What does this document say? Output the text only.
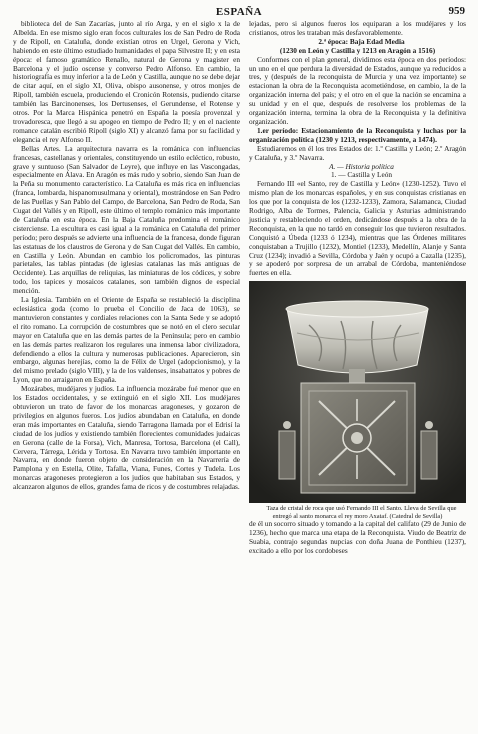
ESPAÑA	959

biblioteca del de San Zacarías, junto al río Arga, y en el siglo x la de Albelda. En ese mismo siglo eran focos culturales los de San Pedro de Roda y de Ripoll, en Cataluña, donde existían otros en Urgel, Gerona y Vich, habiendo en este último estudiado humanidades el papa Silvestre II; y en esta época: el famoso gramático Renallo, natural de Gerona y magister en Barcelona y el judío oscense y converso Pedro Alfonso. En cambio, la historiografía es muy inferior a la de León y Castilla, aunque no se debe dejar de citar aquí, en el siglo XI, Oliva, obispo ausonense, y otros monjes de Ripoll, también escuela, produciendo el Cronicón Rotensis, pudiendo citarse también las Barcinonenses, los Dertusenses, el Gerundense, el Rotense y otros. Por la Marca Hispánica penetró en España la poesía provenzal y trovadoresca, que llegó a su apogeo en tiempo de Pedro II; y en el naciente romance catalán escribió Ripoll (siglo XI) y alcanzó fama por su facilidad y elegancia el rey Alfonso II.

Bellas Artes. La arquitectura navarra es la románica con influencias francesas, castellanas y orientales, constituyendo un estilo ecléctico, robusto, grave y suntuoso (San Salvador de Leyre), que influye en las Vascongadas, especialmente en Álava. En Aragón es más rudo y sobrio, siendo San Juan de la Peña su monumento característico. La Cataluña es más rica en influencias (franca, lombarda, hispanomusulmana y oriental), mostrándose en San Pedro de las Puellas y San Pablo del Campo, de Barcelona, San Pedro de Roda, San Cugat del Vallés y en Ripoll, este último el templo románico más importante de Cataluña en esta época. En la Baja Cataluña predomina el románico cisterciense. La escultura es casi igual a la románica en Cataluña del primer período; pero después se advierte una influencia de la francesa, donde figuran las estatuas de los claustros de Gerona y de San Cugat del Vallés. En cambio, en Castilla y León. Abundan en cambio los policromados, las pinturas parietales, las tablas pintadas (de iglesias catalanas las más antiguas de Occidente). Las arquillas de reliquias, las miniaturas de los códices, y sobre todo, los tapices y mosaicos catalanes, son también dignos de especial mención.

La Iglesia. También en el Oriente de España se restableció la disciplina eclesiástica goda (como lo prueba el Concilio de Jaca de 1063), se mantuvieron constantes y cordiales relaciones con la Santa Sede y se adoptó el rito romano. La corrupción de costumbres que se notó en el clero secular mayor en Cataluña que en las demás partes de la Península; pero en cambio en las demás partes realizaron los regulares una inmensa labor civilizadora, defendiendo a ellos la cultura y numerosas publicaciones. Aparecieron, sin embargo, algunas herejías, como la de Félix de Urgel (adopcionismo), y la del mismo prelado (siglo VIII), y la de los valdenses, insabattatos y pobres de Lyon, que no arraigaron en España.

Mozárabes, mudéjares y judíos. La influencia mozárabe fué menor que en los Estados occidentales, y se extinguió en el siglo XII. Los mudéjares obtuvieron un trato de favor de los monarcas aragoneses, y gozaron de privilegios en algunos fueros. Los judíos abundaban en Cataluña, en donde eran más importantes en Cataluña, siendo Tarragona llamada por el Edrisí la ciudad de los judíos y existiendo también florecientes comunidades judaicas en Gerona (calle de la Forsa), Vich, Manresa, Tortosa, Barcelona (el Call), Cervera, Tárrega, Lérida y Tortosa. En Navarra tuvo también importante en Navarra, en donde fueron objeto de consideración en la Navarrería de Pamplona y en Estella, Olite, Tafalla, Viana, Funes, Cortes y Tudela. Los monarcas aragoneses protegieron a los judíos que habitaban sus Estados, y alcanzaron algunos de ellos, grandes fama de ricos y de costumbres relajadas.

lejadas, pero si algunos fueros los equiparan a los mudéjares y los cristianos, otros les trataban más desfavorablemente.

2.ª época: Baja Edad Media

(1230 en León y Castilla y 1213 en Aragón a 1516)

Conformes con el plan general, dividimos esta época en dos períodos: un uno en el que perdura la diversidad de Estados, aunque ya reducidos a tres, y (después de la reconquista de Murcia y una vez importante) se estacionan la obra de la Reconquista acometiéndose, en cambio, la de la organización interna del país; y el otro en el que la nación se encamina a su unidad y en el que, después de resolverse los problemas de la organización interna, termina la obra de la Reconquista y la definitiva organización.

1.er período: Estacionamiento de la Reconquista y luchas por la organización política (1230 y 1213, respectivamente, a 1474).

Estudiaremos en él los tres Estados de: 1.º Castilla y León; 2.º Aragón y Cataluña, y 3.º Navarra.

A. — Historia política

1. — Castilla y León

Fernando III «el Santo, rey de Castilla y León» (1230-1252). Tuvo el mismo plan de los monarcas españoles, y en sus conquistas cristianas en los que por la conquista de los (1232-1233), Zamora, Salamanca, Ciudad Rodrigo, Alba de Tormes, Palencia, Galicia y Asturias administrando justicia y restableciendo el orden, dedicándose después a la obra de la Reconquista, en la que no tardó en conseguir los que tuvieron resultados. Conquistó a Úbeda (1233 ó 1234), mientras que las Órdenes militares conquistaban a Trujillo (1232), Montiel (1233), Medellín, Alanje y Santa Cruz (1234); invadió a Sevilla, Córdoba y Jaén y ocupó a Cazalla (1235), y se apoderó por sorpresa de un arrabal de Córdoba, manteniéndose fuertes en ella.

Taza de cristal de roca que usó Fernando III el Santo. Lleva de Sevilla que entregó al santo monarca el rey moro Axataf. (Catedral de Sevilla)

de él un socorro situado y tomando a la capital del califato (29 de Junio de 1236), hecho que marca una etapa de la Reconquista. Viudo de Beatriz de Suabia, contrajo segundas nupcias con doña Juana de Ponthieu (1237), excitado a ello por los cordobeses
